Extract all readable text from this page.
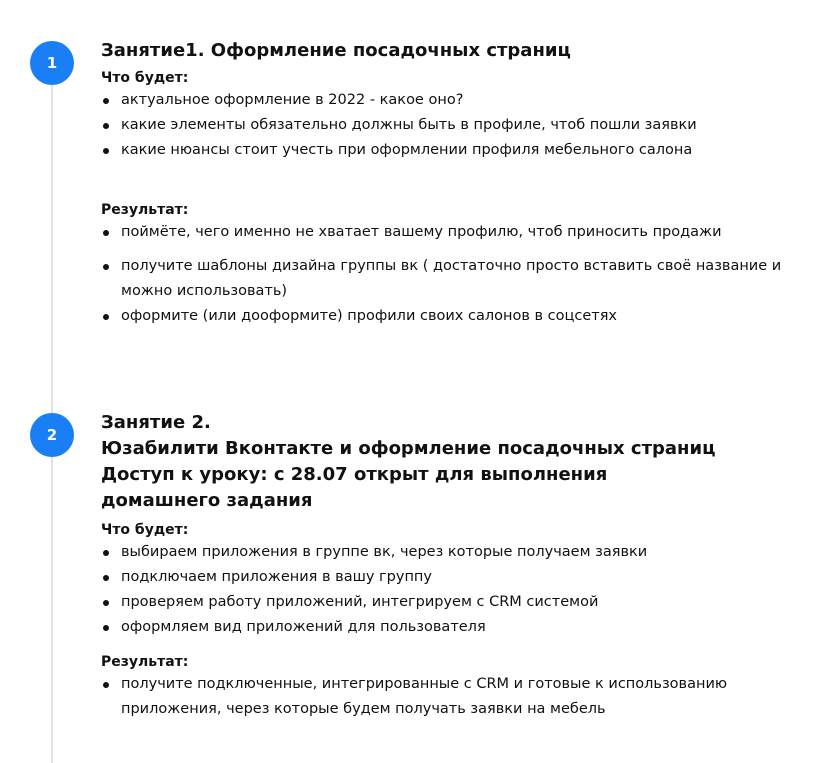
1
Занятие1. Оформление посадочных страниц
Что будет:
актуальное оформление в 2022 - какое оно?
какие элементы обязательно должны быть в профиле, чтоб пошли заявки
какие нюансы стоит учесть при оформлении профиля мебельного салона
Результат:
поймёте, чего именно не хватает вашему профилю, чтоб приносить продажи
получите шаблоны дизайна группы вк ( достаточно просто вставить своё название и можно использовать)
оформите (или дооформите) профили своих салонов в соцсетях
2
Занятие 2.
Юзабилити Вконтакте и оформление посадочных страниц
Доступ к уроку: с 28.07 открыт для выполнения
домашнего задания
Что будет:
выбираем приложения в группе вк, через которые получаем заявки
подключаем приложения в вашу группу
проверяем работу приложений, интегрируем с CRM системой
оформляем вид приложений для пользователя
Результат:
получите подключенные, интегрированные с CRM и готовые к использованию приложения, через которые будем получать заявки на мебель
